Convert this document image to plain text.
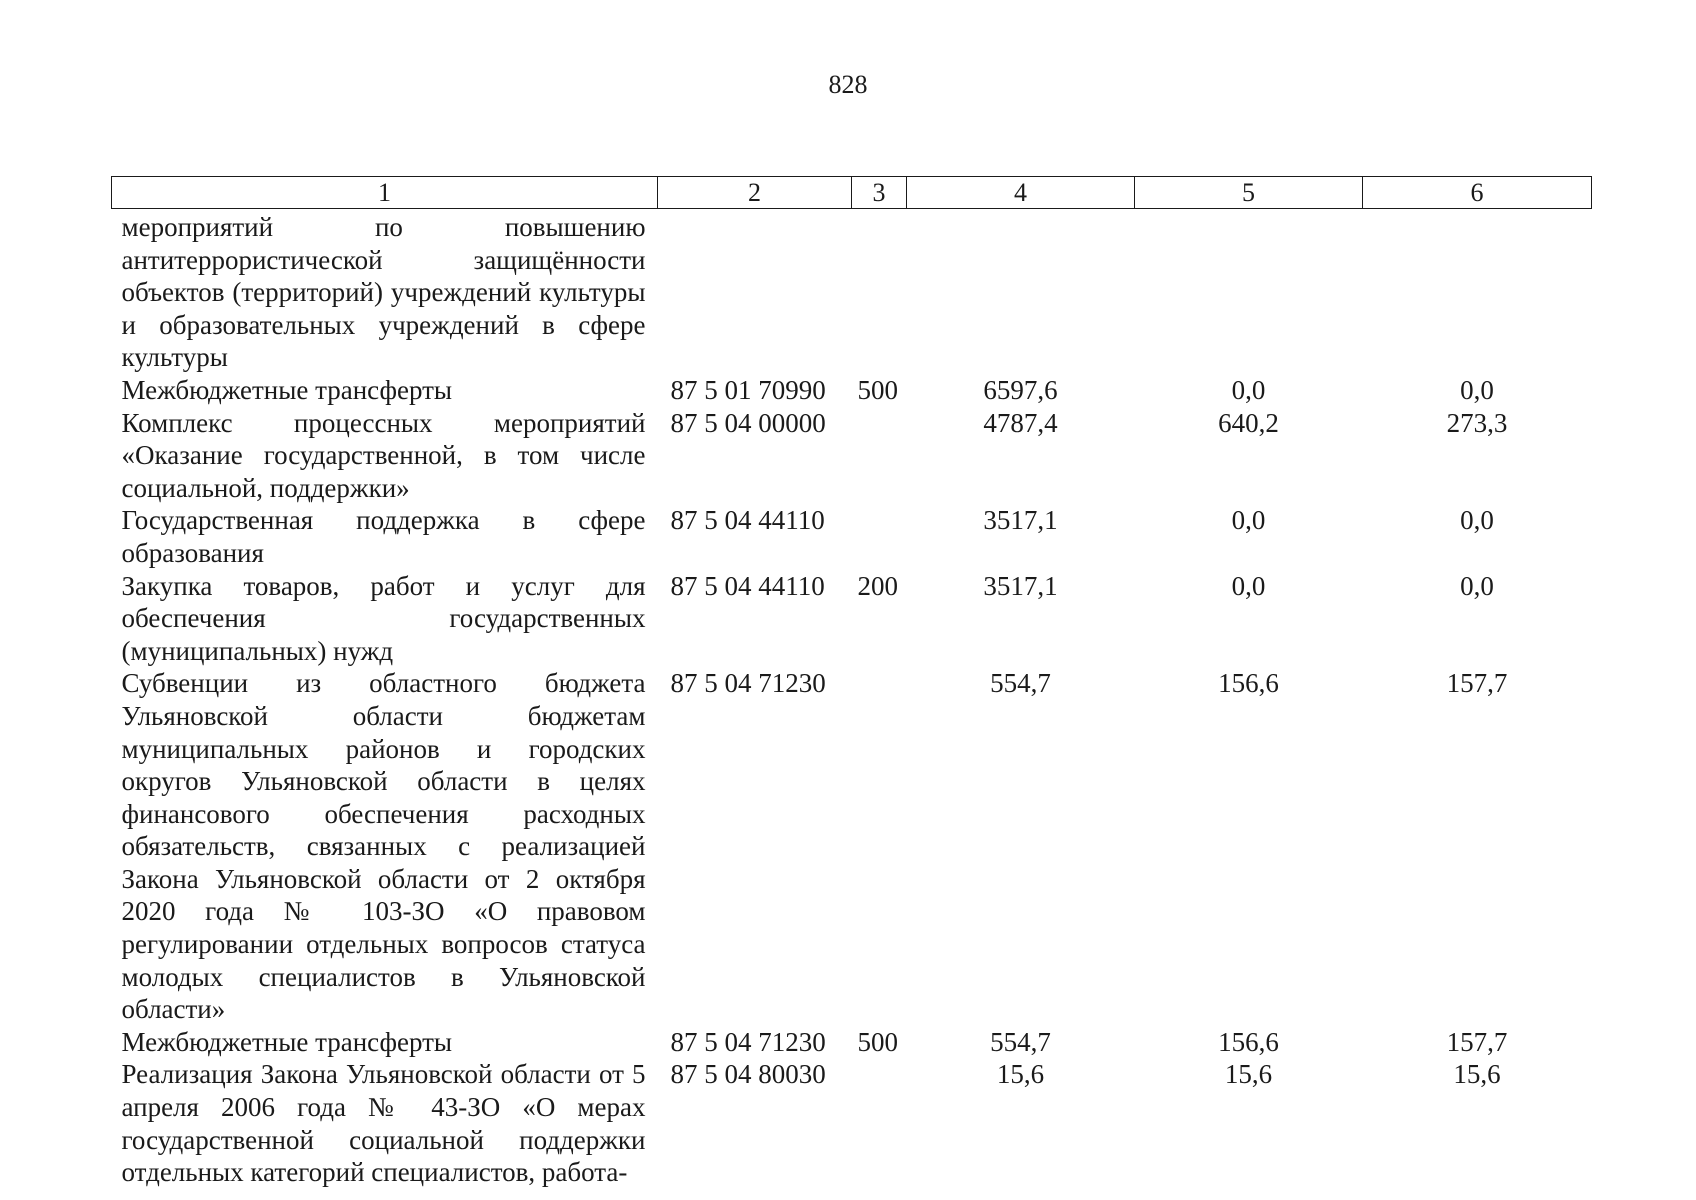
828
1	2	3	4	5	6
мероприятий по повышению антитеррористической защищённости объектов (территорий) учреждений культуры и образовательных учреждений в сфере культуры					
Межбюджетные трансферты	87 5 01 70990	500	6597,6	0,0	0,0
Комплекс процессных мероприятий «Оказание государственной, в том числе социальной, поддержки»	87 5 04 00000		4787,4	640,2	273,3
Государственная поддержка в сфере образования	87 5 04 44110		3517,1	0,0	0,0
Закупка товаров, работ и услуг для обеспечения государственных (муниципальных) нужд	87 5 04 44110	200	3517,1	0,0	0,0
Субвенции из областного бюджета Ульяновской области бюджетам муниципальных районов и городских округов Ульяновской области в целях финансового обеспечения расходных обязательств, связанных с реализацией Закона Ульяновской области от 2 октября 2020 года № 103-ЗО «О правовом регулировании отдельных вопросов статуса молодых специалистов в Ульяновской области»	87 5 04 71230		554,7	156,6	157,7
Межбюджетные трансферты	87 5 04 71230	500	554,7	156,6	157,7
Реализация Закона Ульяновской области от 5 апреля 2006 года № 43-ЗО «О мерах государственной социальной поддержки отдельных категорий специалистов, работа-	87 5 04 80030		15,6	15,6	15,6
